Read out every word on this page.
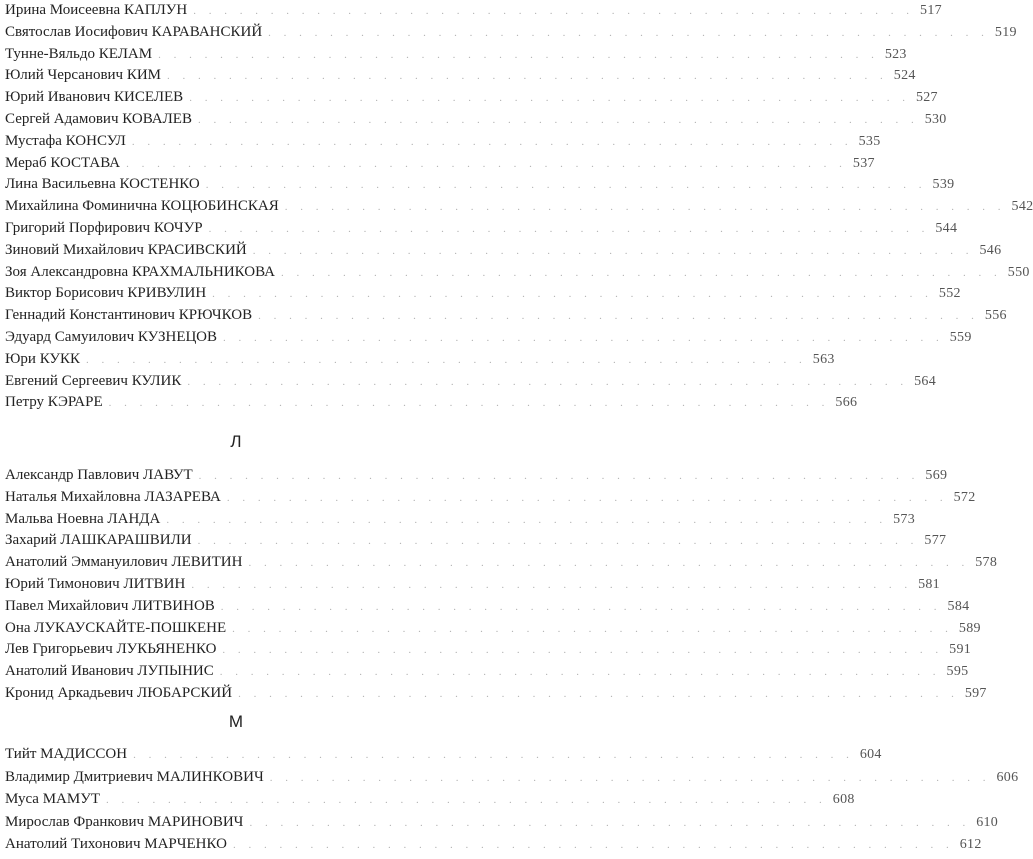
Ирина Моисеевна КАПЛУН . . . . . . . . . . . . . . . . . . . . . . . . . . . . . . . . . . . . . . . . . . . . . . . 517
Святослав Иосифович КАРАВАНСКИЙ . . . . . . . . . . . . . . . . . . . . . . . . . . . . . . . . . . . . . . . . . . . . . . . 519
Тунне-Вяльдо КЕЛАМ . . . . . . . . . . . . . . . . . . . . . . . . . . . . . . . . . . . . . . . . . . . . . . . 523
Юлий Черсанович КИМ . . . . . . . . . . . . . . . . . . . . . . . . . . . . . . . . . . . . . . . . . . . . . . . 524
Юрий Иванович КИСЕЛЕВ . . . . . . . . . . . . . . . . . . . . . . . . . . . . . . . . . . . . . . . . . . . . . . . 527
Сергей Адамович КОВАЛЕВ . . . . . . . . . . . . . . . . . . . . . . . . . . . . . . . . . . . . . . . . . . . . . . . 530
Мустафа КОНСУЛ . . . . . . . . . . . . . . . . . . . . . . . . . . . . . . . . . . . . . . . . . . . . . . . 535
Мераб КОСТАВА . . . . . . . . . . . . . . . . . . . . . . . . . . . . . . . . . . . . . . . . . . . . . . . 537
Лина Васильевна КОСТЕНКО . . . . . . . . . . . . . . . . . . . . . . . . . . . . . . . . . . . . . . . . . . . . . . . 539
Михайлина Фоминична КОЦЮБИНСКАЯ . . . . . . . . . . . . . . . . . . . . . . . . . . . . . . . . . . . . . . . . . . . . . . . 542
Григорий Порфирович КОЧУР . . . . . . . . . . . . . . . . . . . . . . . . . . . . . . . . . . . . . . . . . . . . . . . 544
Зиновий Михайлович КРАСИВСКИЙ . . . . . . . . . . . . . . . . . . . . . . . . . . . . . . . . . . . . . . . . . . . . . . . 546
Зоя Александровна КРАХМАЛЬНИКОВА . . . . . . . . . . . . . . . . . . . . . . . . . . . . . . . . . . . . . . . . . . . . . . . 550
Виктор Борисович КРИВУЛИН . . . . . . . . . . . . . . . . . . . . . . . . . . . . . . . . . . . . . . . . . . . . . . . 552
Геннадий Константинович КРЮЧКОВ . . . . . . . . . . . . . . . . . . . . . . . . . . . . . . . . . . . . . . . . . . . . . . . 556
Эдуард Самуилович КУЗНЕЦОВ . . . . . . . . . . . . . . . . . . . . . . . . . . . . . . . . . . . . . . . . . . . . . . . 559
Юри КУКК . . . . . . . . . . . . . . . . . . . . . . . . . . . . . . . . . . . . . . . . . . . . . . . 563
Евгений Сергеевич КУЛИК . . . . . . . . . . . . . . . . . . . . . . . . . . . . . . . . . . . . . . . . . . . . . . . 564
Петру КЭРАРЕ . . . . . . . . . . . . . . . . . . . . . . . . . . . . . . . . . . . . . . . . . . . . . . . 566
Л
Александр Павлович ЛАВУТ . . . . . . . . . . . . . . . . . . . . . . . . . . . . . . . . . . . . . . . . . . . . . . . 569
Наталья Михайловна ЛАЗАРЕВА . . . . . . . . . . . . . . . . . . . . . . . . . . . . . . . . . . . . . . . . . . . . . . . 572
Мальва Ноевна ЛАНДА . . . . . . . . . . . . . . . . . . . . . . . . . . . . . . . . . . . . . . . . . . . . . . . 573
Захарий ЛАШКАРАШВИЛИ . . . . . . . . . . . . . . . . . . . . . . . . . . . . . . . . . . . . . . . . . . . . . . . 577
Анатолий Эммануилович ЛЕВИТИН . . . . . . . . . . . . . . . . . . . . . . . . . . . . . . . . . . . . . . . . . . . . . . . 578
Юрий Тимонович ЛИТВИН . . . . . . . . . . . . . . . . . . . . . . . . . . . . . . . . . . . . . . . . . . . . . . . 581
Павел Михайлович ЛИТВИНОВ . . . . . . . . . . . . . . . . . . . . . . . . . . . . . . . . . . . . . . . . . . . . . . . 584
Она ЛУКАУСКАЙТЕ-ПОШКЕНЕ . . . . . . . . . . . . . . . . . . . . . . . . . . . . . . . . . . . . . . . . . . . . . . . 589
Лев Григорьевич ЛУКЬЯНЕНКО . . . . . . . . . . . . . . . . . . . . . . . . . . . . . . . . . . . . . . . . . . . . . . . 591
Анатолий Иванович ЛУПЫНИС . . . . . . . . . . . . . . . . . . . . . . . . . . . . . . . . . . . . . . . . . . . . . . . 595
Кронид Аркадьевич ЛЮБАРСКИЙ . . . . . . . . . . . . . . . . . . . . . . . . . . . . . . . . . . . . . . . . . . . . . . . 597
М
Тийт МАДИССОН . . . . . . . . . . . . . . . . . . . . . . . . . . . . . . . . . . . . . . . . . . . . . . . 604
Владимир Дмитриевич МАЛИНКОВИЧ . . . . . . . . . . . . . . . . . . . . . . . . . . . . . . . . . . . . . . . . . . . . . . . 606
Муса МАМУТ . . . . . . . . . . . . . . . . . . . . . . . . . . . . . . . . . . . . . . . . . . . . . . . 608
Мирослав Франкович МАРИНОВИЧ . . . . . . . . . . . . . . . . . . . . . . . . . . . . . . . . . . . . . . . . . . . . . . . 610
Анатолий Тихонович МАРЧЕНКО . . . . . . . . . . . . . . . . . . . . . . . . . . . . . . . . . . . . . . . . . . . . . . . 612
